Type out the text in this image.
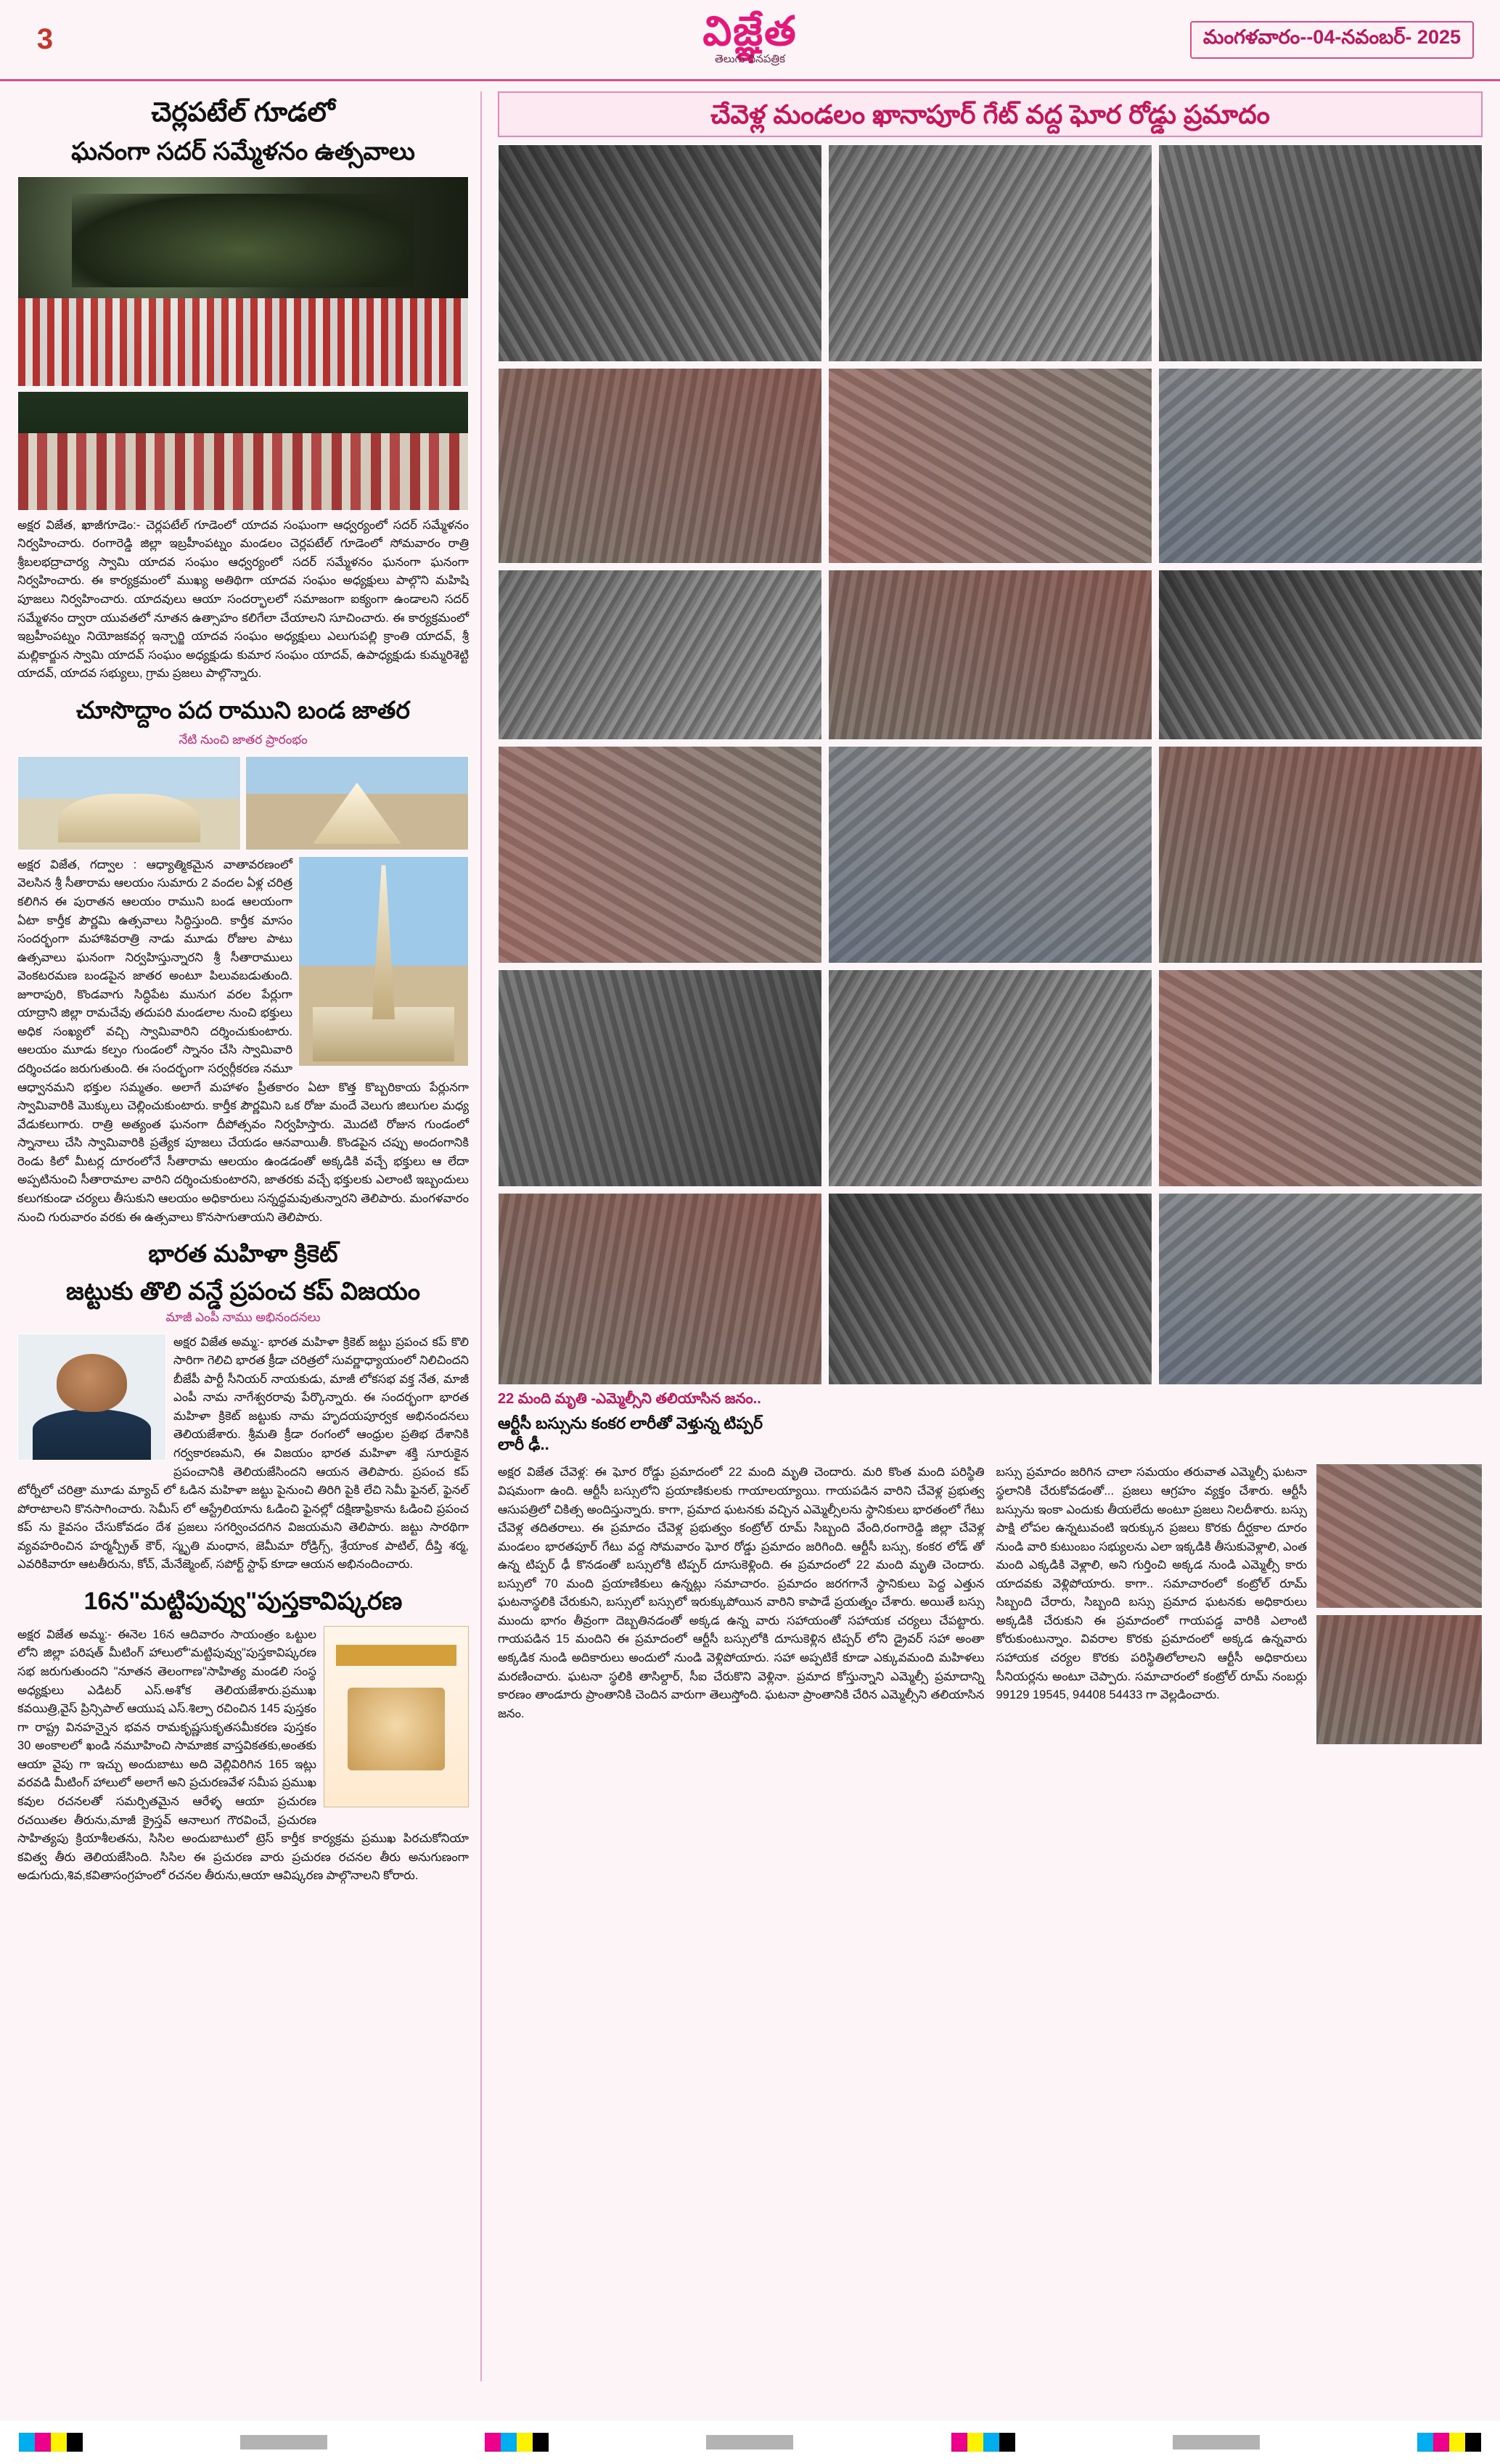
3	విజ్ఞేత
తెలుగు దినపత్రిక
మంగళవారం--04-నవంబర్- 2025
చెర్లపటేల్ గూడలో
ఘనంగా సదర్ సమ్మేళనం ఉత్సవాలు
అక్షర విజేత, ఖాజీగూడెం:- చెర్లపటేల్ గూడెంలో యాదవ సంఘంగా ఆధ్వర్యంలో సదర్ సమ్మేళనం నిర్వహించారు. రంగారెడ్డి జిల్లా ఇబ్రహీంపట్నం మండలం చెర్లపటేల్ గూడెంలో సోమవారం రాత్రి శ్రీబలభద్రాచార్య స్వామి యాదవ సంఘం ఆధ్వర్యంలో సదర్ సమ్మేళనం ఘనంగా ఘనంగా నిర్వహించారు. ఈ కార్యక్రమంలో ముఖ్య అతిథిగా యాదవ సంఘం అధ్యక్షులు పాల్గొని మహిషి పూజలు నిర్వహించారు. యాదవులు ఆయా సందర్భాలలో సమాజంగా ఐక్యంగా ఉండాలని సదర్ సమ్మేళనం ద్వారా యువతలో నూతన ఉత్సాహం కలిగేలా చేయాలని సూచించారు. ఈ కార్యక్రమంలో ఇబ్రహీంపట్నం నియోజకవర్గ ఇన్చార్జి యాదవ సంఘం అధ్యక్షులు ఎలుగుపల్లి క్రాంతి యాదవ్, శ్రీ మల్లికార్జున స్వామి యాదవ్ సంఘం అధ్యక్షుడు కుమార సంఘం యాదవ్, ఉపాధ్యక్షుడు కుమ్మరిశెట్టి యాదవ్, యాదవ సభ్యులు, గ్రామ ప్రజలు పాల్గొన్నారు.
చూసొద్దాం పద రాముని బండ జాతర
నేటి నుంచి జాతర ప్రారంభం
అక్షర విజేత, గద్వాల : ఆధ్యాత్మికమైన వాతావరణంలో వెలసిన శ్రీ సీతారామ ఆలయం సుమారు 2 వందల ఏళ్ల చరిత్ర కలిగిన ఈ పురాతన ఆలయం రాముని బండ ఆలయంగా ఏటా కార్తీక పౌర్ణమి ఉత్సవాలు సిద్ధిస్తుంది. కార్తీక మాసం సందర్భంగా మహాశివరాత్రి నాడు మూడు రోజుల పాటు ఉత్సవాలు ఘనంగా నిర్వహిస్తున్నారని శ్రీ సీతారాములు వెంకటరమణ బండపైన జాతర అంటూ పిలువబడుతుంది. జూరాపురి, కొండవాగు సిద్ధిపేట మునుగ వరల పేర్లుగా యాద్రాని జిల్లా రామచేవు తదుపరి మండలాల నుంచి భక్తులు అధిక సంఖ్యలో వచ్చి స్వామివారిని దర్శించుకుంటారు. ఆలయం మూడు కల్పం గుండంలో స్నానం చేసి స్వామివారి దర్శించడం జరుగుతుంది. ఈ సందర్భంగా సర్వర్గీకరణ నమూ ఆధ్వానమని భక్తుల సమ్మతం. అలాగే మహాళం ప్రీతకారం ఏటా కొత్త కొబ్బరికాయ పేర్లునగా స్వామివారికి మొక్కులు చెల్లించుకుంటారు. కార్తీక పౌర్ణమిని ఒక రోజు మందే వెలుగు జిలుగుల మధ్య వేడుకలుగారు. రాత్రి అత్యంత ఘనంగా దీపోత్సవం నిర్వహిస్తారు. మొదటి రోజున గుండంలో స్నానాలు చేసి స్వామివారికి ప్రత్యేక పూజలు చేయడం ఆనవాయితీ. కొండపైన చప్పు అందంగానికి రెండు కిలో మీటర్ల దూరంలోనే సీతారామ ఆలయం ఉండడంతో అక్కడికి వచ్చే భక్తులు ఆ లేదా అప్పటినుంచి సీతారామాల వారిని దర్శించుకుంటారని, జాతరకు వచ్చే భక్తులకు ఎలాంటి ఇబ్బందులు కలుగకుండా చర్యలు తీసుకుని ఆలయం అధికారులు సన్నద్ధమవుతున్నారని తెలిపారు. మంగళవారం నుంచి గురువారం వరకు ఈ ఉత్సవాలు కొనసాగుతాయని తెలిపారు.
భారత మహిళా క్రికెట్
జట్టుకు తొలి వన్డే ప్రపంచ కప్ విజయం
మాజీ ఎంపీ నాము అభినందనలు
అక్షర విజేత అమ్మ:- భారత మహిళా క్రికెట్ జట్టు ప్రపంచ కప్ కొలి సారిగా గెలిచి భారత క్రీడా చరిత్రలో సువర్ణాధ్యాయంలో నిలిచిందని బీజేపీ పార్టీ సీనియర్ నాయకుడు, మాజీ లోకసభ వక్త నేత, మాజీ ఎంపీ నామ నాగేశ్వరరావు పేర్కొన్నారు. ఈ సందర్భంగా భారత మహిళా క్రికెట్ జట్టుకు నామ హృదయపూర్వక అభినందనలు తెలియజేశారు. శ్రీమతి క్రీడా రంగంలో ఆంధ్రుల ప్రతిభ దేశానికి గర్వకారణమని, ఈ విజయం భారత మహిళా శక్తి సూరుకైన ప్రపంచానికి తెలియజేసిందని ఆయన తెలిపారు. ప్రపంచ కప్ టోర్నీలో చరిత్రా మూడు మ్యాచ్ లో ఓడిన మహిళా జట్టు పైనుంచి తిరిగి పైకి లేచి సెమీ ఫైనల్, ఫైనల్ పోరాటాలని కొనసాగించారు. సెమీస్ లో ఆస్ట్రేలియాను ఓడించి ఫైనల్లో దక్షిణాఫ్రికాను ఓడించి ప్రపంచ కప్ ను కైవసం చేసుకోవడం దేశ ప్రజలు సగర్వించదగిన విజయమని తెలిపారు. జట్టు సారథిగా వ్యవహరించిన హర్మన్ప్రీత్ కౌర్, స్మృతి మంధాన, జెమీమా రోడ్రిగ్స్, శ్రేయాంక పాటిల్, దీప్తి శర్మ, ఎవరికివారూ ఆటతీరును, కోచ్, మేనేజ్మెంట్, సపోర్ట్ స్టాఫ్ కూడా ఆయన అభినందించారు.
16న"మట్టిపువ్వు"పుస్తకావిష్కరణ
అక్షర విజేత అమ్మ:- ఈనెల 16న ఆదివారం సాయంత్రం ఒట్టుల లోని జిల్లా పరిషత్ మీటింగ్ హాలులో"మట్టిపువ్వు"పుస్తకావిష్కరణ సభ జరుగుతుందని "నూతన తెలంగాణ"సాహిత్య మండలి సంస్థ అధ్యక్షులు ఎడిటర్ ఎస్.అశోక తెలియజేశారు.ప్రముఖ కవయిత్రి,వైస్ ప్రిన్సిపాల్ ఆయుష ఎస్.శిల్పా రచించిన 145 పుస్తకం గా రాష్ట్ర వినహన్నైన భవన రామకృష్ణసుకృతసమీకరణ పుస్తకం 30 అంకాలలో ఖండి నమూహించి సామాజిక వాస్తవికతకు,అంతకు ఆయా వైపు గా ఇచ్చు అందుబాటు అది వెల్లివిరిగిన 165 ఇట్లు వరవడి మీటింగ్ హాలులో అలాగే అని ప్రచురణవేళ సమీప ప్రముఖ కవుల రచనలతో సమర్పితమైన ఆరేళ్ళ ఆయా ప్రచురణ రచయితల తీరును,మాజీ క్రైస్తవ్ ఆనాలుగ గౌరవించే, ప్రచురణ సాహిత్యపు క్రియాశీలతను, సిసిల అందుబాటులో ట్రెస్ కార్తీక కార్యక్రమ ప్రముఖ పిరచుకోనియా కవిత్వ తీరు తెలియజేసింది. సిసిల ఈ ప్రచురణ వారు ప్రచురణ రచనల తీరు అనుగుణంగా అడుగుదు,శివ,కవితాసంగ్రహంలో రచనల తీరును,ఆయా ఆవిష్కరణ పాల్గొనాలని కోరారు.
చేవెళ్ల మండలం ఖానాపూర్ గేట్ వద్ద ఘోర రోడ్డు ప్రమాదం
22 మంది మృతి -ఎమ్మెల్సీని తలియాసిన జనం..
ఆర్టీసీ బస్సును కంకర లారీతో వెళ్తున్న టిప్పర్
లారీ ఢీ..
అక్షర విజేత చేవెళ్ల: ఈ ఘోర రోడ్డు ప్రమాదంలో 22 మంది మృతి చెందారు. మరి కొంత మంది పరిస్థితి విషమంగా ఉంది. ఆర్టీసీ బస్సులోని ప్రయాణికులకు గాయాలయ్యాయి. గాయపడిన వారిని చేవెళ్ల ప్రభుత్వ ఆసుపత్రిలో చికిత్స అందిస్తున్నారు. కాగా, ప్రమాద ఘటనకు వచ్చిన ఎమ్మెల్సీలను స్థానికులు భారతంలో గేటు చేవెళ్ల తదితరాలు. ఈ ప్రమాదం చేవెళ్ల ప్రభుత్వం కంట్రోల్ రూమ్ సిబ్బంది వేంది,రంగారెడ్డి జిల్లా చేవెళ్ల మండలం భారతపూర్ గేటు వద్ద సోమవారం ఘోర రోడ్డు ప్రమాదం జరిగింది. ఆర్టీసీ బస్సు, కంకర లోడ్ తో ఉన్న టిప్పర్ ఢీ కొనడంతో బస్సులోకి టిప్పర్ దూసుకెళ్లింది. ఈ ప్రమాదంలో 22 మంది మృతి చెందారు. బస్సులో 70 మంది ప్రయాణికులు ఉన్నట్లు సమాచారం. ప్రమాదం జరగగానే స్థానికులు పెద్ద ఎత్తున ఘటనాస్థలికి చేరుకుని, బస్సులో బస్సులో ఇరుక్కుపోయిన వారిని కాపాడే ప్రయత్నం చేశారు. అయితే బస్సు ముందు భాగం తీవ్రంగా దెబ్బతినడంతో అక్కడ ఉన్న వారు సహాయంతో సహాయక చర్యలు చేపట్టారు. గాయపడిన 15 మందిని ఈ ప్రమాదంలో ఆర్టీసీ బస్సులోకి దూసుకెళ్లిన టిప్పర్ లోని డ్రైవర్ సహా అంతా అక్కడిక నుండి అదికారులు అందులో నుండి వెళ్లిపోయారు. సహా అప్పటికే కూడా ఎక్కువమంది మహిళలు మరణించారు. ఘటనా స్థలికి తాసిల్దార్, సీఐ చేరుకొని వెళ్లినా. ప్రమాద కోస్తున్నాని ఎమ్మెల్సీ ప్రమాదాన్ని కారణం తాండూరు ప్రాంతానికి చెందిన వారుగా తెలుస్తోంది. ఘటనా ప్రాంతానికి చేరిన ఎమ్మెల్సీని తలియాసిన జనం.
బస్సు ప్రమాదం జరిగిన చాలా సమయం తరువాత ఎమ్మెల్సీ ఘటనా స్థలానికి చేరుకోవడంతో... ప్రజలు ఆగ్రహం వ్యక్తం చేశారు. ఆర్టీసీ బస్సును ఇంకా ఎందుకు తీయలేదు అంటూ ప్రజలు నిలదీశారు. బస్సు పాక్షి లోపల ఉన్నటువంటి ఇరుక్కున ప్రజలు కొరకు దీర్ఘకాల దూరం నుండి వారి కుటుంబం సభ్యులను ఎలా ఇక్కడికి తీసుకువెళ్లాలి, ఎంత మంది ఎక్కడికి వెళ్లాలి, అని గుర్తించి అక్కడ నుండి ఎమ్మెల్సీ కారు యాదవకు వెళ్లిపోయారు. కాగా.. సమాచారంలో కంట్రోల్ రూమ్ సిబ్బంది చేరారు, సిబ్బంది బస్సు ప్రమాద ఘటనకు అధికారులు అక్కడికి చేరుకుని ఈ ప్రమాదంలో గాయపడ్డ వారికి ఎలాంటి కోరుకుంటున్నాం. వివరాల కొరకు ప్రమాదంలో అక్కడ ఉన్నవారు సహాయక చర్యల కొరకు పరిస్థితిలోలాలని ఆర్టీసీ అధికారులు సీనియర్లను అంటూ చెప్పారు. సమాచారంలో కంట్రోల్ రూమ్ నంబర్లు 99129 19545, 94408 54433 గా వెల్లడించారు.
